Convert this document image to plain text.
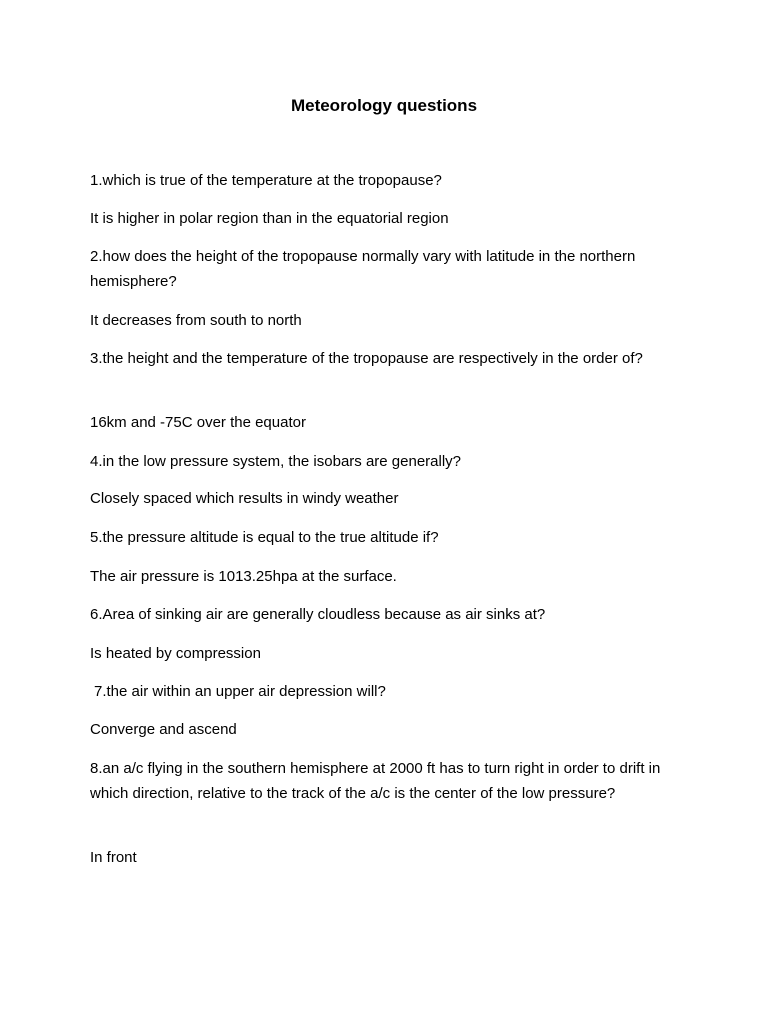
Meteorology questions
1.which is true of the temperature at the tropopause?
It is higher in polar region than in the equatorial region
2.how does the height of the tropopause normally vary with latitude in the northern hemisphere?
It decreases from south to north
3.the height and the temperature of the tropopause are respectively in the order of?
16km and -75C over the equator
4.in the low pressure system, the isobars are generally?
Closely spaced which results in windy weather
5.the pressure altitude is equal to the true altitude if?
The air pressure is 1013.25hpa at the surface.
6.Area of sinking air are generally cloudless because as air sinks at?
Is heated by compression
7.the air within an upper air depression will?
Converge and ascend
8.an a/c flying in the southern hemisphere at 2000 ft has to turn right in order to drift in which direction, relative to the track of the a/c is the center of the low pressure?
In front
